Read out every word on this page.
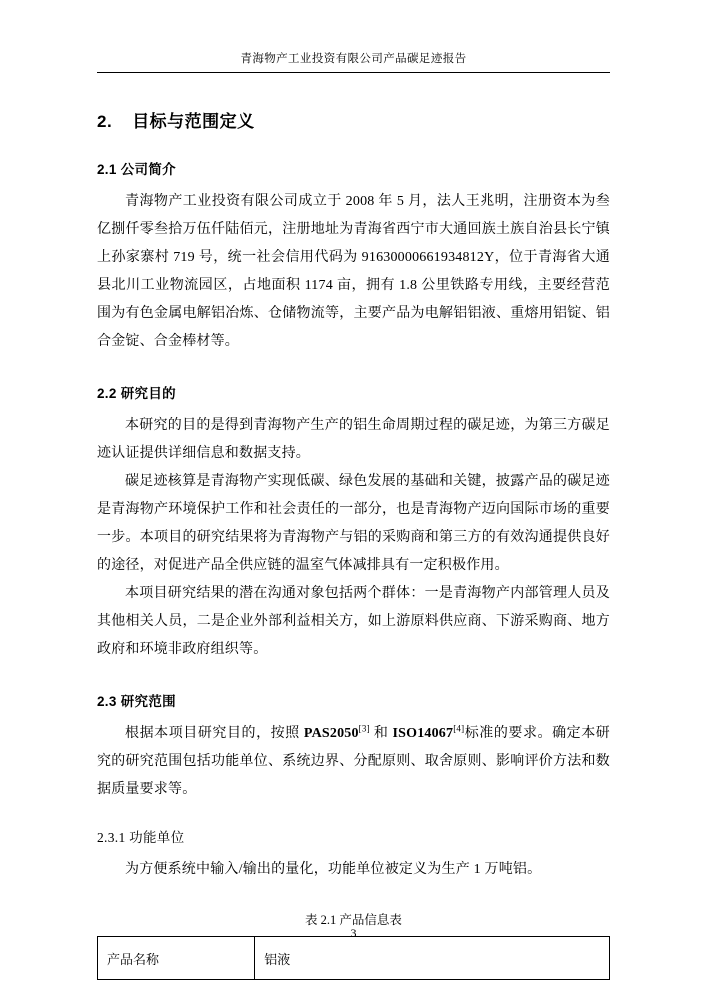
青海物产工业投资有限公司产品碳足迹报告
2. 目标与范围定义
2.1 公司简介

青海物产工业投资有限公司成立于 2008 年 5 月，法人王兆明，注册资本为叁亿捌仟零叁拾万伍仟陆佰元，注册地址为青海省西宁市大通回族土族自治县长宁镇上孙家寨村 719 号，统一社会信用代码为 91630000661934812Y，位于青海省大通县北川工业物流园区，占地面积 1174 亩，拥有 1.8 公里铁路专用线，主要经营范围为有色金属电解铝冶炼、仓储物流等，主要产品为电解铝铝液、重熔用铝锭、铝合金锭、合金棒材等。

2.2 研究目的

本研究的目的是得到青海物产生产的铝生命周期过程的碳足迹，为第三方碳足迹认证提供详细信息和数据支持。

碳足迹核算是青海物产实现低碳、绿色发展的基础和关键，披露产品的碳足迹是青海物产环境保护工作和社会责任的一部分，也是青海物产迈向国际市场的重要一步。本项目的研究结果将为青海物产与铝的采购商和第三方的有效沟通提供良好的途径，对促进产品全供应链的温室气体减排具有一定积极作用。

本项目研究结果的潜在沟通对象包括两个群体：一是青海物产内部管理人员及其他相关人员，二是企业外部利益相关方，如上游原料供应商、下游采购商、地方政府和环境非政府组织等。

2.3 研究范围

根据本项目研究目的，按照 PAS2050[3] 和 ISO14067[4]标准的要求。确定本研究的研究范围包括功能单位、系统边界、分配原则、取舍原则、影响评价方法和数据质量要求等。

2.3.1 功能单位

为方便系统中输入/输出的量化，功能单位被定义为生产 1 万吨铝。

表 2.1 产品信息表
产品名称	铝液
3
